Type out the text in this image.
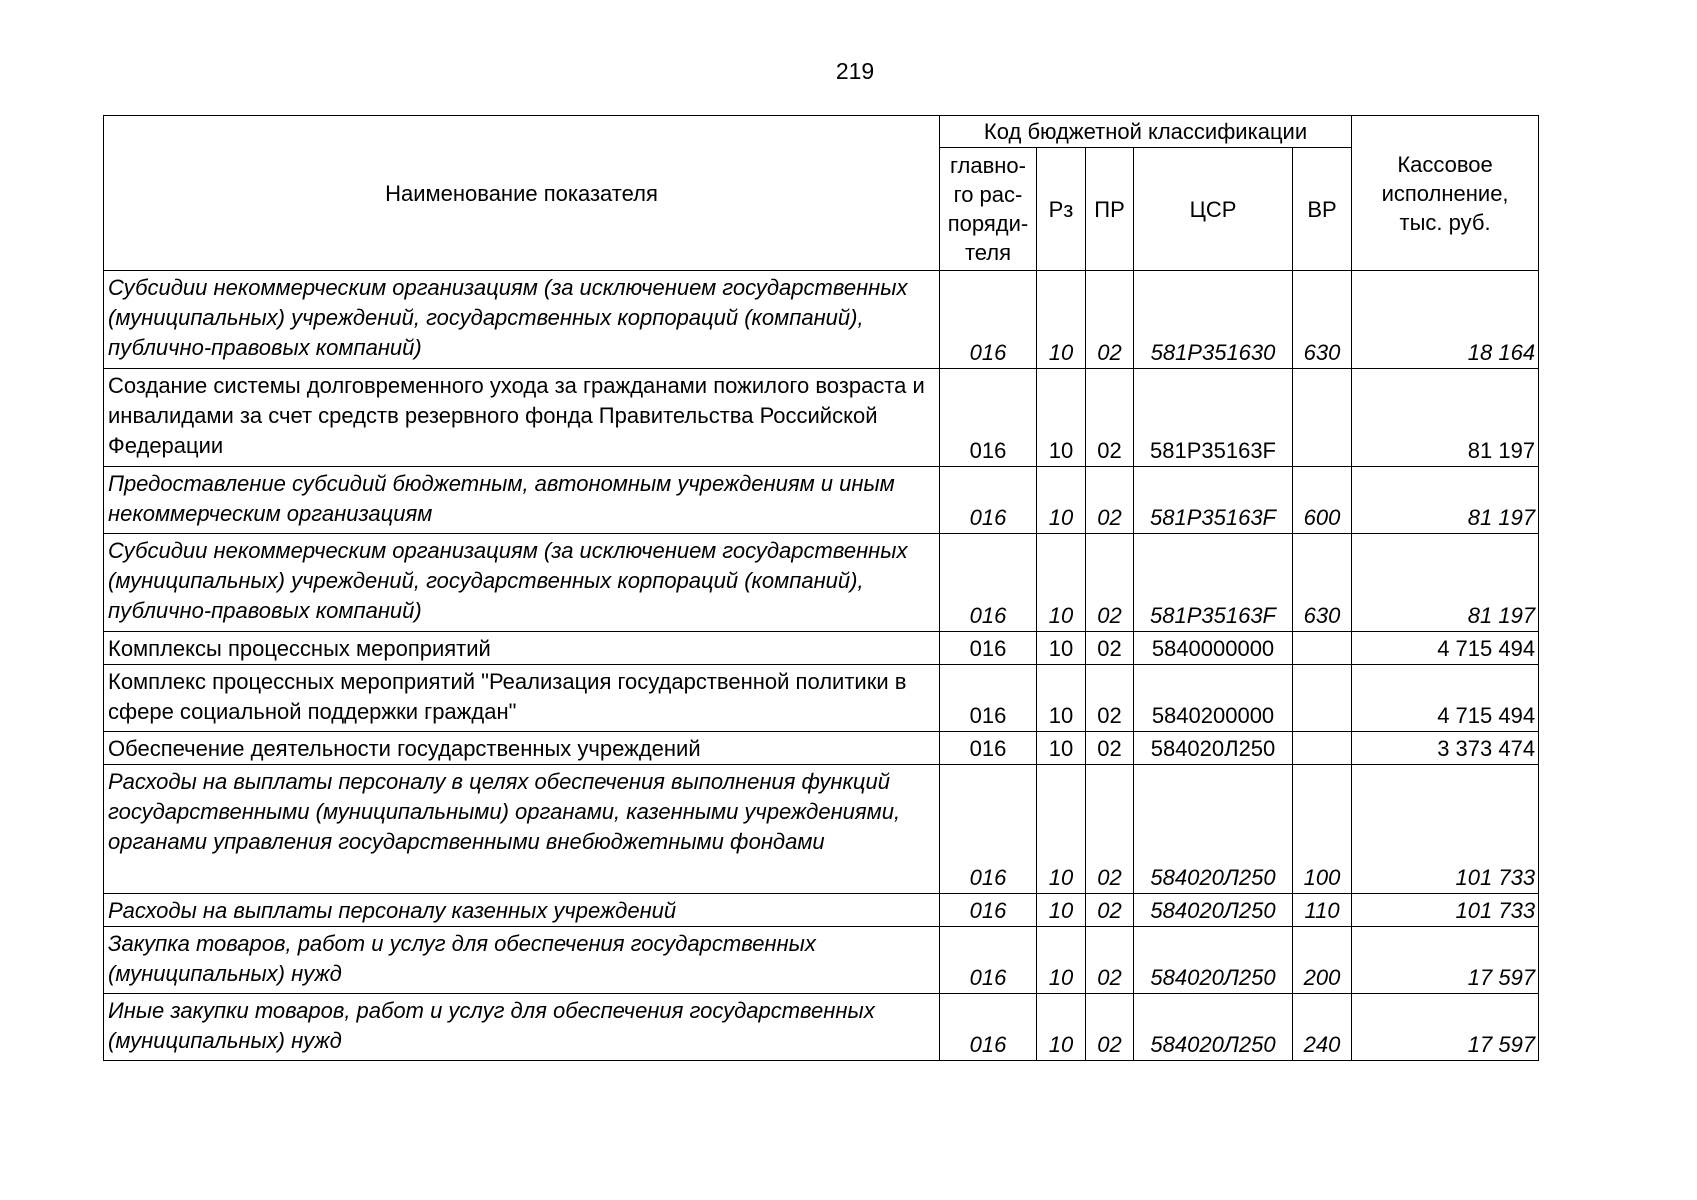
219
Наименование показателя	Код бюджетной классификации					Кассовое исполнение, тыс. руб.
	главно-го рас-поряди-теля	Рз	ПР	ЦСР	ВР	
Субсидии некоммерческим организациям (за исключением государственных (муниципальных) учреждений, государственных корпораций (компаний), публично-правовых компаний)	016	10	02	581P351630	630	18 164
Создание системы долговременного ухода за гражданами пожилого возраста и инвалидами за счет средств резервного фонда Правительства Российской Федерации	016	10	02	581P35163F		81 197
Предоставление субсидий бюджетным, автономным учреждениям и иным некоммерческим организациям	016	10	02	581P35163F	600	81 197
Субсидии некоммерческим организациям (за исключением государственных (муниципальных) учреждений, государственных корпораций (компаний), публично-правовых компаний)	016	10	02	581P35163F	630	81 197
Комплексы процессных мероприятий	016	10	02	5840000000		4 715 494
Комплекс процессных мероприятий "Реализация государственной политики в сфере социальной поддержки граждан"	016	10	02	5840200000		4 715 494
Обеспечение деятельности государственных учреждений	016	10	02	584020Л250		3 373 474
Расходы на выплаты персоналу в целях обеспечения выполнения функций государственными (муниципальными) органами, казенными учреждениями, органами управления государственными внебюджетными фондами	016	10	02	584020Л250	100	101 733
Расходы на выплаты персоналу казенных учреждений	016	10	02	584020Л250	110	101 733
Закупка товаров, работ и услуг для обеспечения государственных (муниципальных) нужд	016	10	02	584020Л250	200	17 597
Иные закупки товаров, работ и услуг для обеспечения государственных (муниципальных) нужд	016	10	02	584020Л250	240	17 597
